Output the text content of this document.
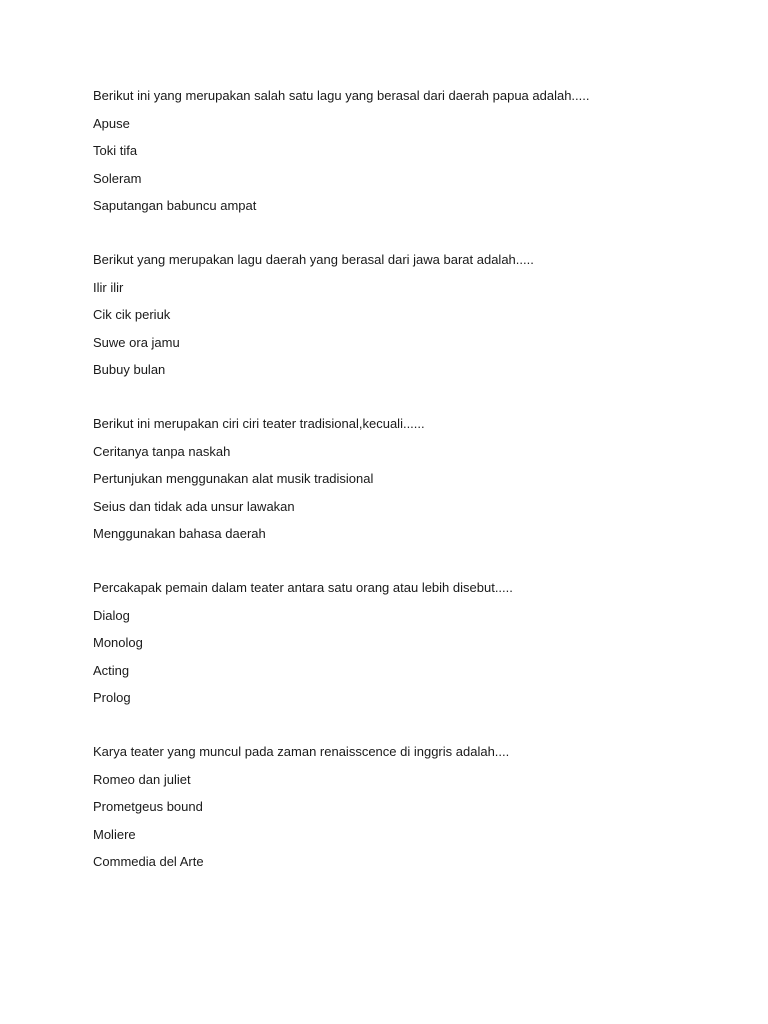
Berikut ini yang merupakan salah satu lagu yang berasal dari daerah papua adalah.....

Apuse

Toki tifa

Soleram

Saputangan babuncu ampat

Berikut yang merupakan lagu daerah yang berasal dari jawa barat adalah.....

Ilir ilir

Cik cik periuk

Suwe ora jamu

Bubuy bulan

Berikut ini merupakan ciri ciri teater tradisional,kecuali......

Ceritanya tanpa naskah

Pertunjukan menggunakan alat musik tradisional

Seius dan tidak ada unsur lawakan

Menggunakan bahasa daerah

Percakapak pemain dalam teater antara satu orang atau lebih disebut.....

Dialog

Monolog

Acting

Prolog

Karya teater yang muncul pada zaman renaisscence di inggris adalah....

Romeo dan juliet

Prometgeus bound

Moliere

Commedia del Arte
